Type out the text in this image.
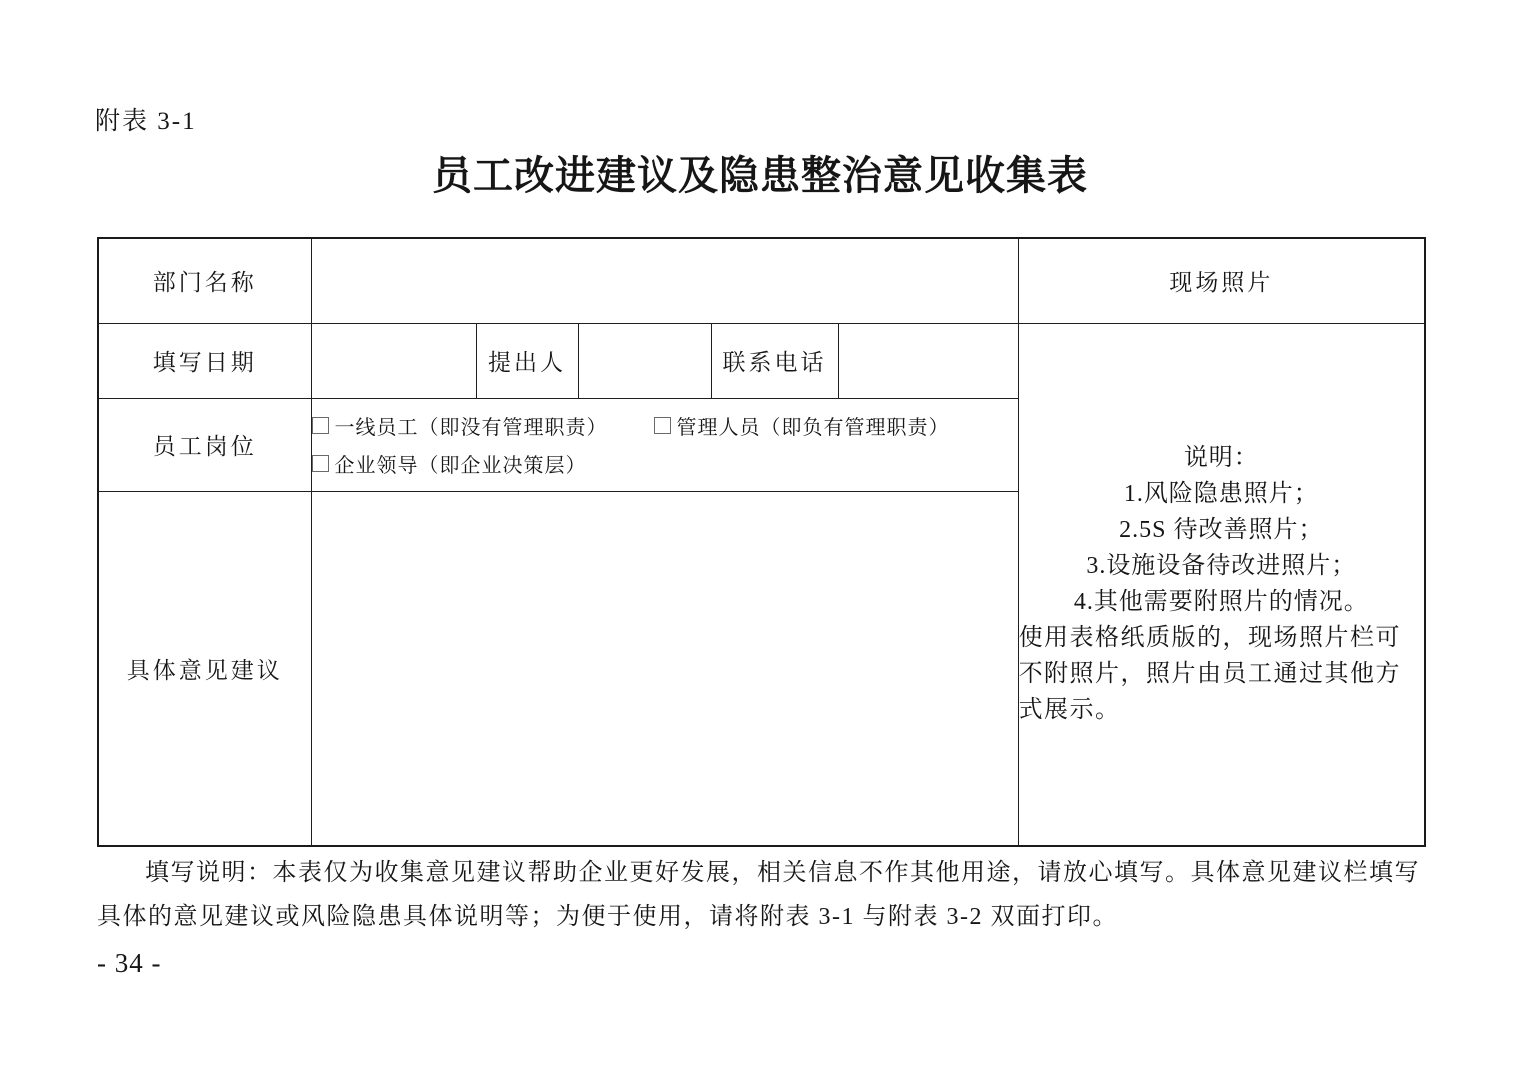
附表 3-1
员工改进建议及隐患整治意见收集表
部门名称						现场照片
填写日期		提出人		联系电话		
说明：
1.风险隐患照片；
2.5S 待改善照片；
3.设施设备待改进照片；
4.其他需要附照片的情况。
使用表格纸质版的，现场照片栏可
不附照片，照片由员工通过其他方
式展示。

员工岗位	一线员工（即没有管理职责） 管理人员（即负有管理职责）
企业领导（即企业决策层）					

具体意见建议						
填写说明：本表仅为收集意见建议帮助企业更好发展，相关信息不作其他用途，请放心填写。具体意见建议栏填写
具体的意见建议或风险隐患具体说明等；为便于使用，请将附表 3-1 与附表 3-2 双面打印。
- 34 -
